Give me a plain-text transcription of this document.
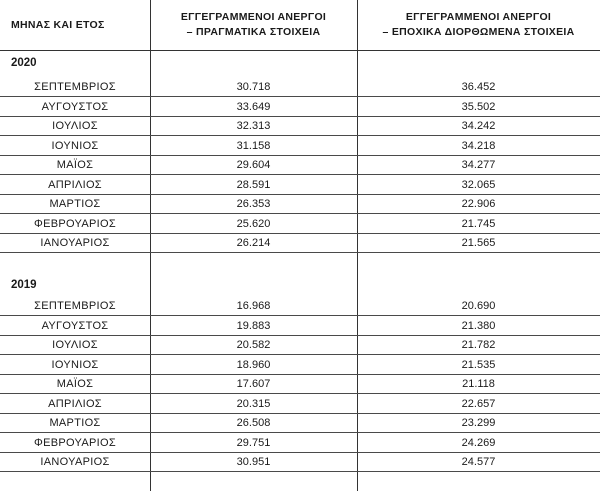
ΜΗΝΑΣ ΚΑΙ ΕΤΟΣ
ΕΓΓΕΓΡΑΜΜΕΝΟΙ ΑΝΕΡΓΟΙ
– ΠΡΑΓΜΑΤΙΚΑ ΣΤΟΙΧΕΙΑ
ΕΓΓΕΓΡΑΜΜΕΝΟΙ ΑΝΕΡΓΟΙ
– ΕΠΟΧΙΚΑ ΔΙΟΡΘΩΜΕΝΑ ΣΤΟΙΧΕΙΑ
2020
ΣΕΠΤΕΜΒΡΙΟΣ	30.718	36.452
ΑΥΓΟΥΣΤΟΣ	33.649	35.502
ΙΟΥΛΙΟΣ	32.313	34.242
ΙΟΥΝΙΟΣ	31.158	34.218
ΜΑΪΟΣ	29.604	34.277
ΑΠΡΙΛΙΟΣ	28.591	32.065
ΜΑΡΤΙΟΣ	26.353	22.906
ΦΕΒΡΟΥΑΡΙΟΣ	25.620	21.745
ΙΑΝΟΥΑΡΙΟΣ	26.214	21.565
2019
ΣΕΠΤΕΜΒΡΙΟΣ	16.968	20.690
ΑΥΓΟΥΣΤΟΣ	19.883	21.380
ΙΟΥΛΙΟΣ	20.582	21.782
ΙΟΥΝΙΟΣ	18.960	21.535
ΜΑΪΟΣ	17.607	21.118
ΑΠΡΙΛΙΟΣ	20.315	22.657
ΜΑΡΤΙΟΣ	26.508	23.299
ΦΕΒΡΟΥΑΡΙΟΣ	29.751	24.269
ΙΑΝΟΥΑΡΙΟΣ	30.951	24.577
